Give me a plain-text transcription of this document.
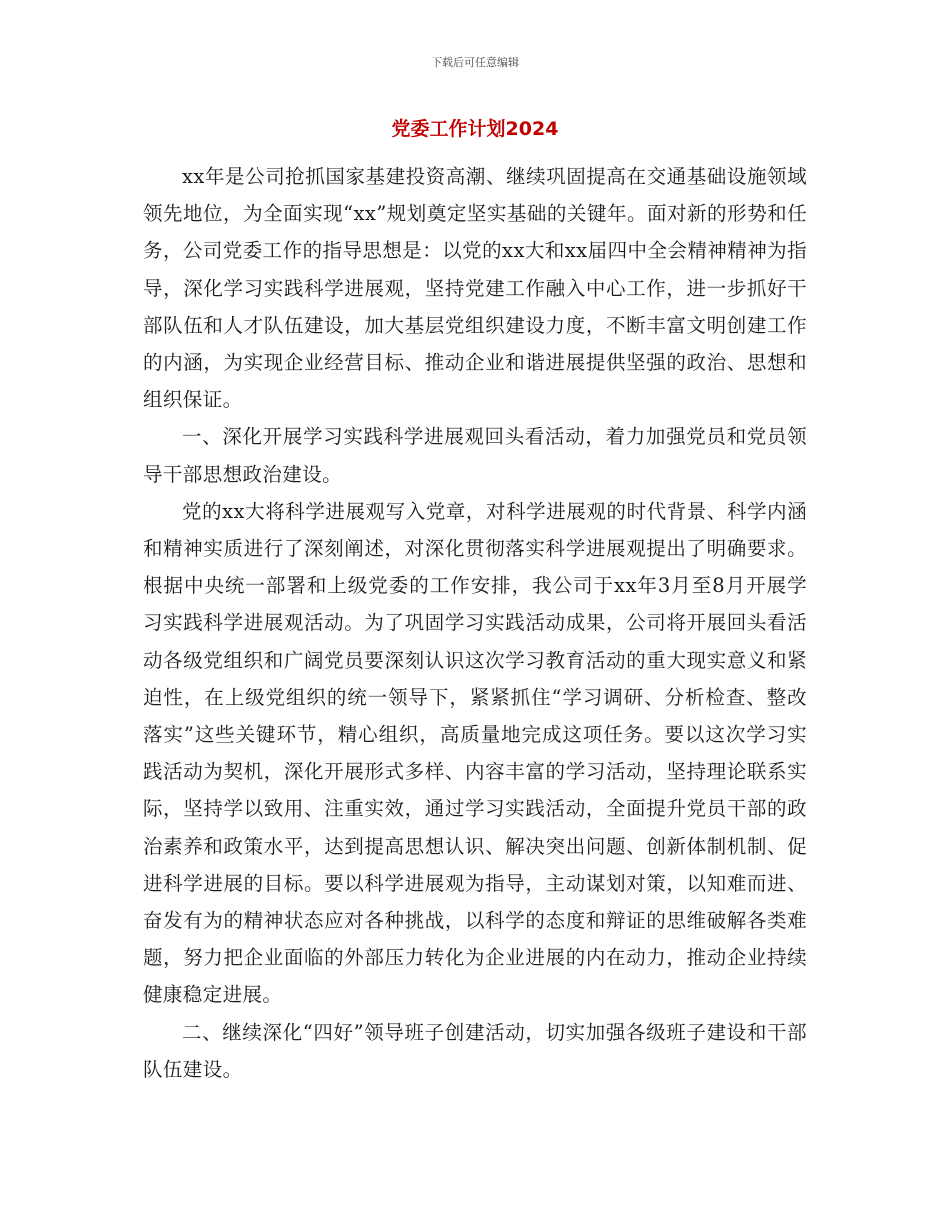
下载后可任意编辑
党委工作计划2024

xx年是公司抢抓国家基建投资高潮、继续巩固提高在交通基础设施领域领先地位，为全面实现“xx”规划奠定坚实基础的关键年。面对新的形势和任务，公司党委工作的指导思想是：以党的xx大和xx届四中全会精神精神为指导，深化学习实践科学进展观，坚持党建工作融入中心工作，进一步抓好干部队伍和人才队伍建设，加大基层党组织建设力度，不断丰富文明创建工作的内涵，为实现企业经营目标、推动企业和谐进展提供坚强的政治、思想和组织保证。

一、深化开展学习实践科学进展观回头看活动，着力加强党员和党员领导干部思想政治建设。

党的xx大将科学进展观写入党章，对科学进展观的时代背景、科学内涵和精神实质进行了深刻阐述，对深化贯彻落实科学进展观提出了明确要求。根据中央统一部署和上级党委的工作安排，我公司于xx年3月至8月开展学习实践科学进展观活动。为了巩固学习实践活动成果，公司将开展回头看活动各级党组织和广阔党员要深刻认识这次学习教育活动的重大现实意义和紧迫性，在上级党组织的统一领导下，紧紧抓住“学习调研、分析检查、整改落实”这些关键环节，精心组织，高质量地完成这项任务。要以这次学习实践活动为契机，深化开展形式多样、内容丰富的学习活动，坚持理论联系实际，坚持学以致用、注重实效，通过学习实践活动，全面提升党员干部的政治素养和政策水平，达到提高思想认识、解决突出问题、创新体制机制、促进科学进展的目标。要以科学进展观为指导，主动谋划对策，以知难而进、奋发有为的精神状态应对各种挑战，以科学的态度和辩证的思维破解各类难题，努力把企业面临的外部压力转化为企业进展的内在动力，推动企业持续健康稳定进展。

二、继续深化“四好”领导班子创建活动，切实加强各级班子建设和干部队伍建设。
